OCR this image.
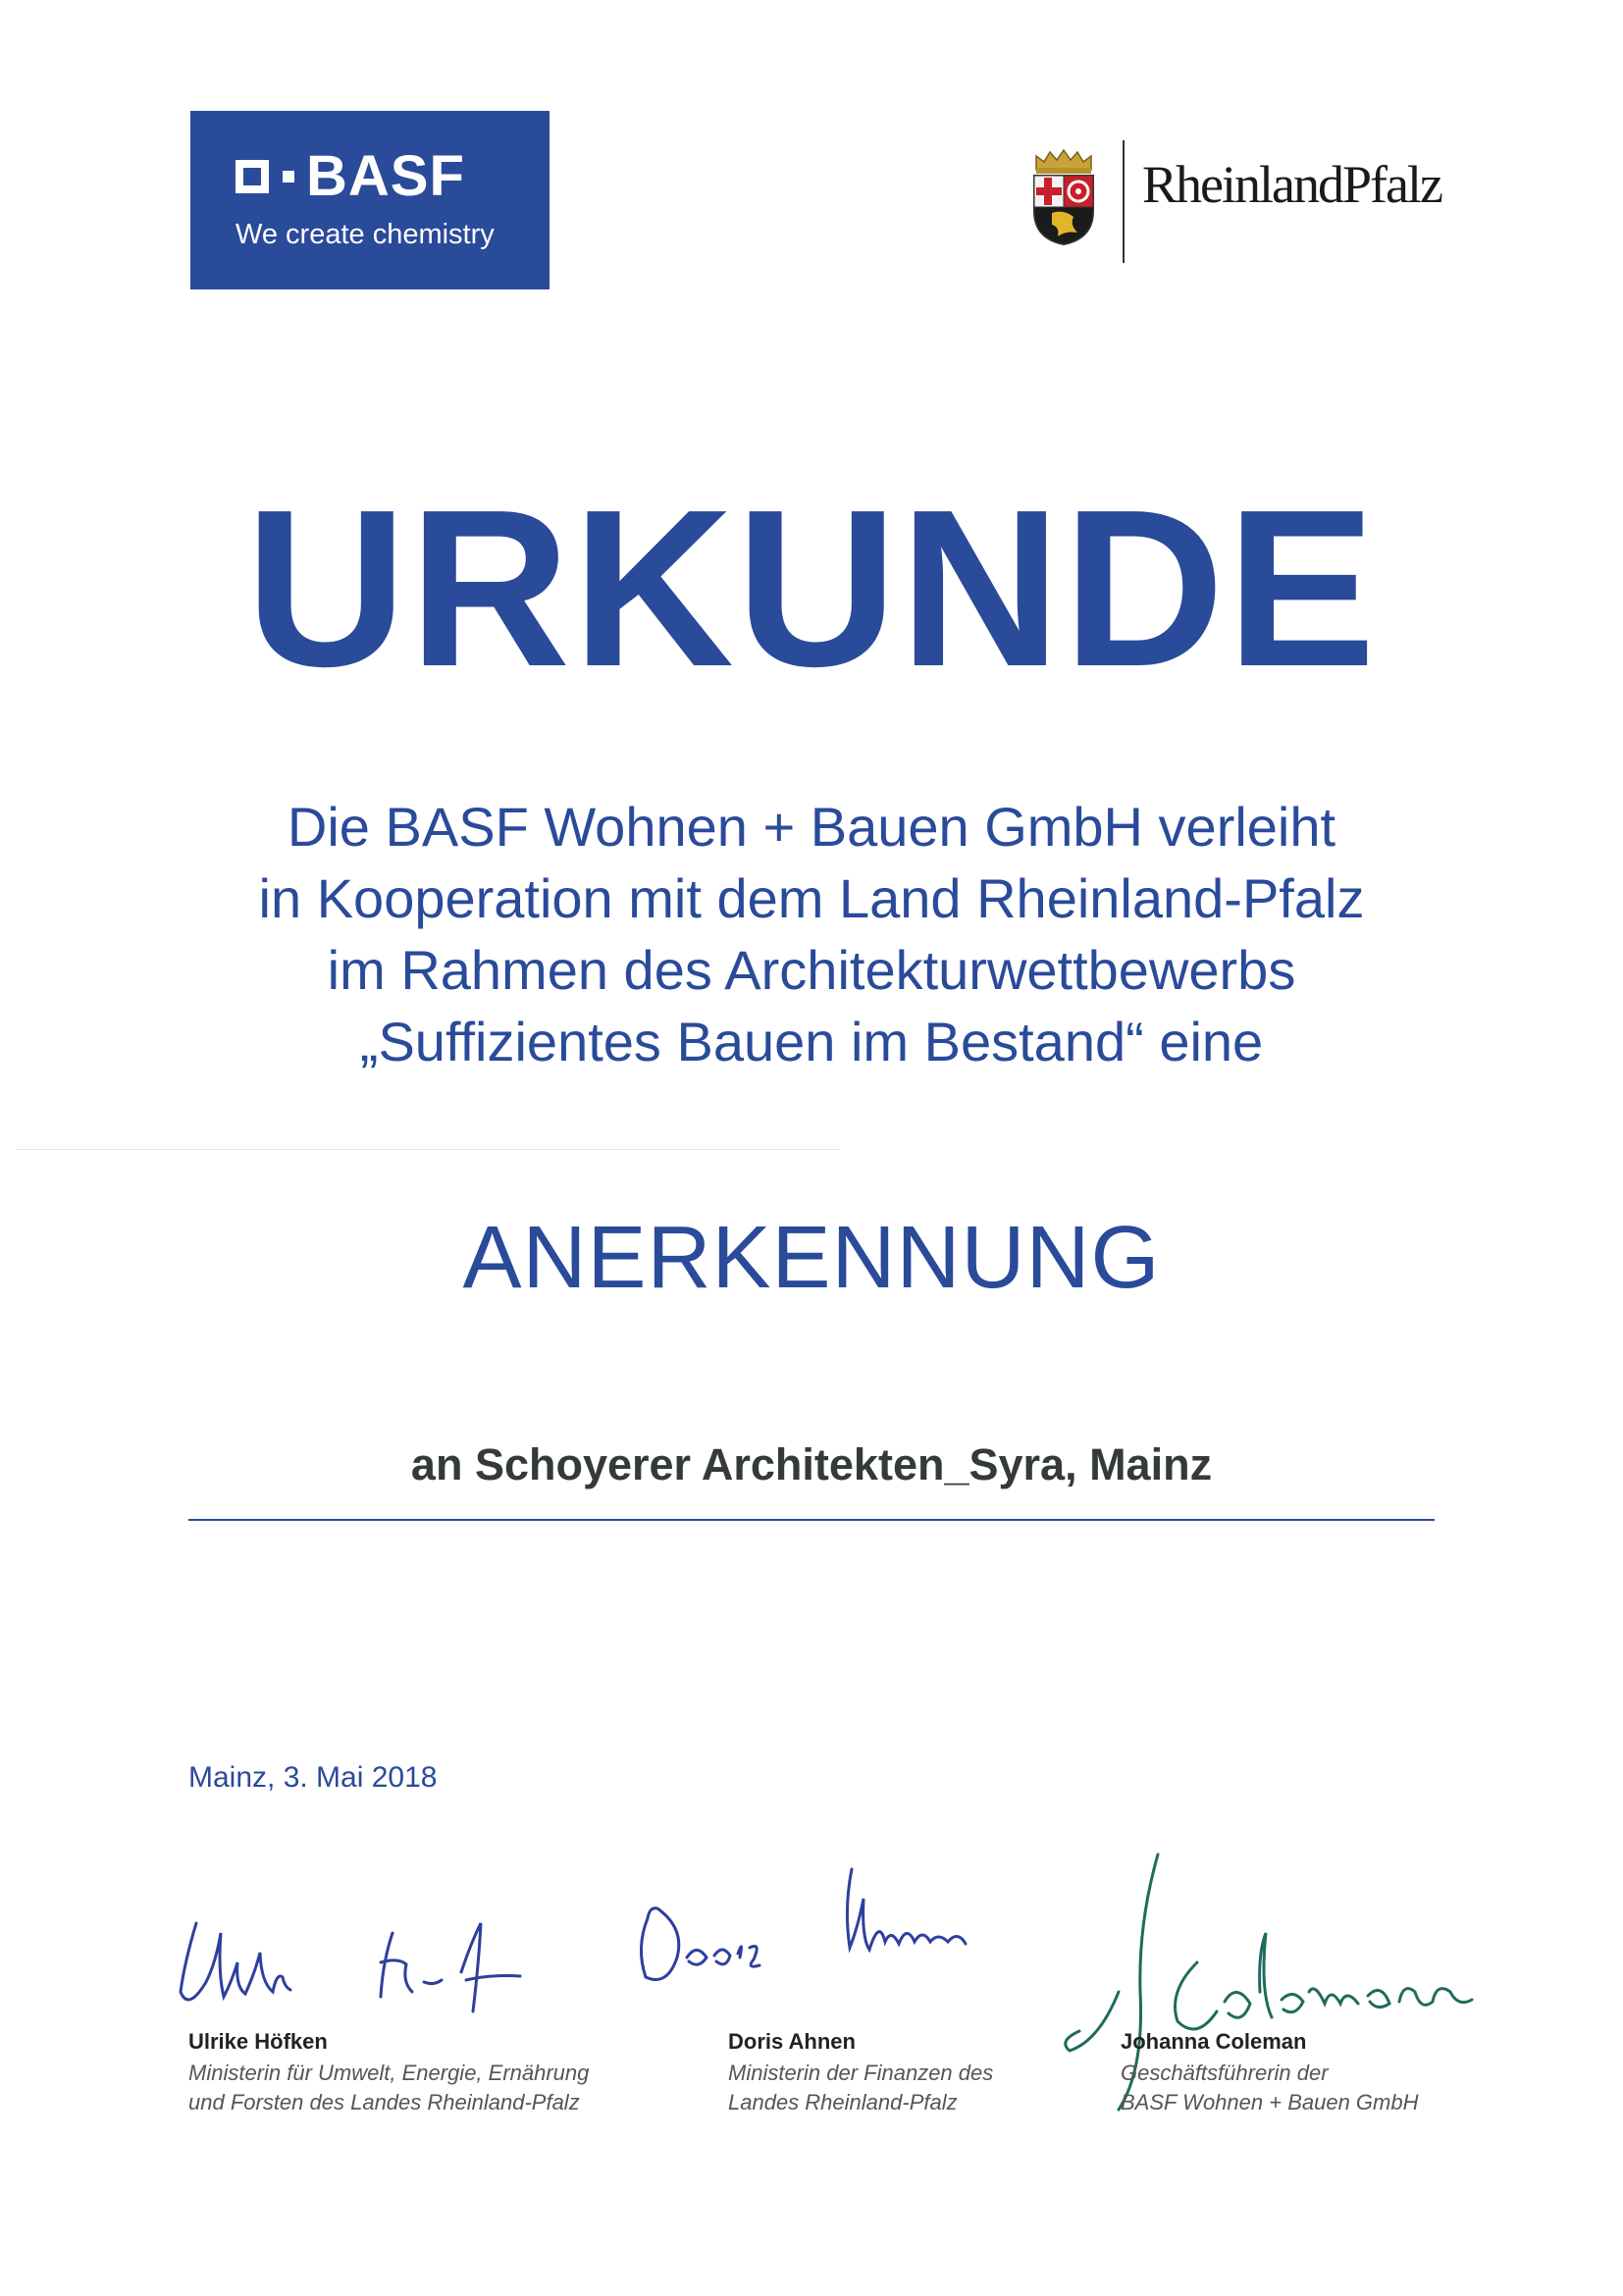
BASF
We create chemistry
RheinlandPfalz
URKUNDE
Die BASF Wohnen + Bauen GmbH verleiht
in Kooperation mit dem Land Rheinland-Pfalz
im Rahmen des Architekturwettbewerbs
„Suffizientes Bauen im Bestand“ eine
ANERKENNUNG
an Schoyerer Architekten_Syra, Mainz
Mainz, 3. Mai 2018
Ulrike Höfken
Ministerin für Umwelt, Energie, Ernährung
und Forsten des Landes Rheinland-Pfalz
Doris Ahnen
Ministerin der Finanzen des
Landes Rheinland-Pfalz
Johanna Coleman
Geschäftsführerin der
BASF Wohnen + Bauen GmbH
